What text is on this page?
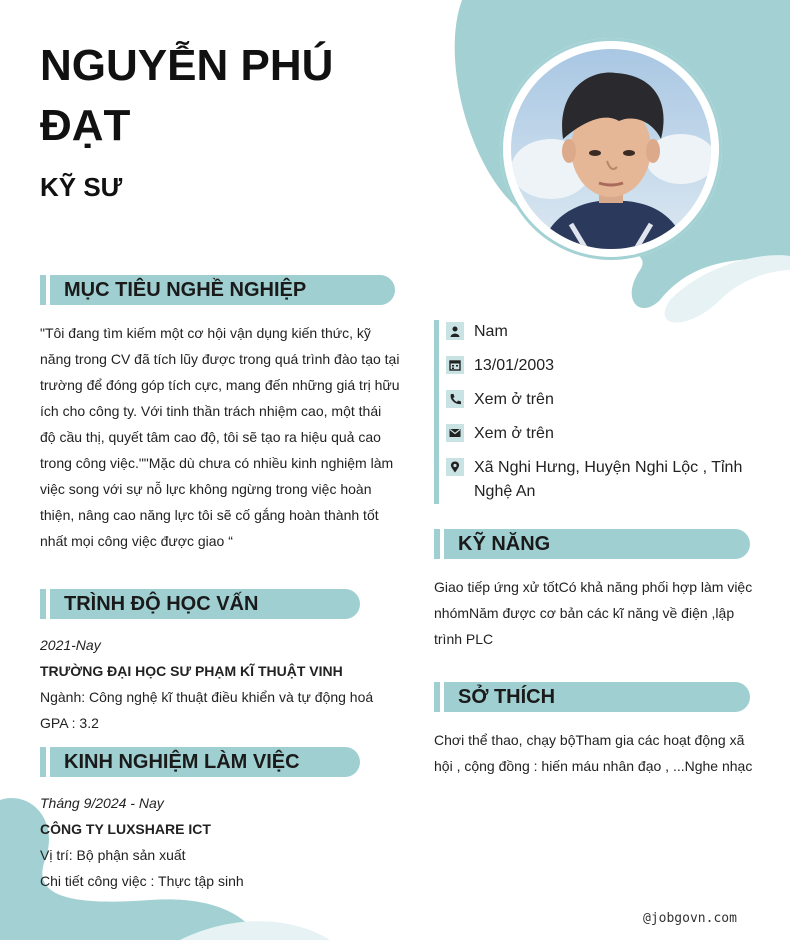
NGUYỄN PHÚ ĐẠT
KỸ SƯ
MỤC TIÊU NGHỀ NGHIỆP
"Tôi đang tìm kiếm một cơ hội vận dụng kiến thức, kỹ năng trong CV đã tích lũy được trong quá trình đào tạo tại trường để đóng góp tích cực, mang đến những giá trị hữu ích cho công ty. Với tinh thần trách nhiệm cao, một thái độ cầu thị, quyết tâm cao độ, tôi sẽ tạo ra hiệu quả cao trong công việc.""Mặc dù chưa có nhiều kinh nghiệm làm việc song với sự nỗ lực không ngừng trong việc hoàn thiện, nâng cao năng lực tôi sẽ cố gắng hoàn thành tốt nhất mọi công việc được giao “
TRÌNH ĐỘ HỌC VẤN
2021-Nay
TRƯỜNG ĐẠI HỌC SƯ PHẠM KĨ THUẬT VINH
Ngành: Công nghệ kĩ thuật điều khiển và tự động hoá
GPA : 3.2
KINH NGHIỆM LÀM VIỆC
Tháng 9/2024 - Nay
CÔNG TY LUXSHARE ICT
Vị trí: Bộ phận sản xuất
Chi tiết công việc : Thực tập sinh
Nam
13/01/2003
Xem ở trên
Xem ở trên
Xã Nghi Hưng, Huyện Nghi Lộc , Tỉnh Nghệ An
KỸ NĂNG
Giao tiếp ứng xử tốtCó khả năng phối hợp làm việc nhómNăm được cơ bản các kĩ năng về điện ,lập trình PLC
SỞ THÍCH
Chơi thể thao, chạy bộTham gia các hoạt động xã hội , cộng đồng : hiến máu nhân đạo , ...Nghe nhạc
@jobgovn.com
